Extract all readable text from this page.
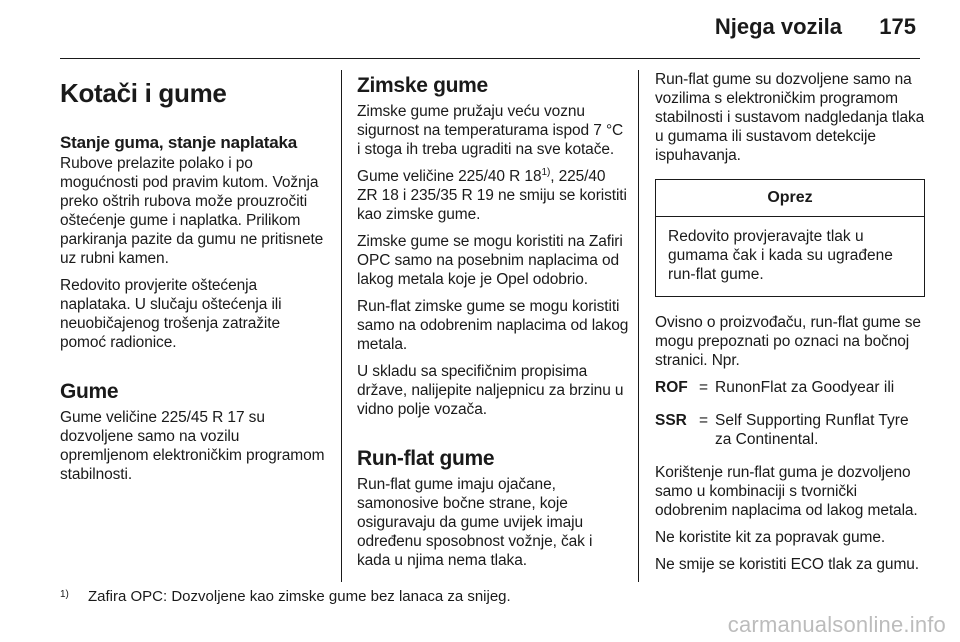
Njega vozila 175
Kotači i gume
Stanje guma, stanje naplataka

Rubove prelazite polako i po mogućnosti pod pravim kutom. Vožnja preko oštrih rubova može prouzročiti oštećenje gume i naplatka. Prilikom parkiranja pazite da gumu ne pritisnete uz rubni kamen.

Redovito provjerite oštećenja naplataka. U slučaju oštećenja ili neuobičajenog trošenja zatražite pomoć radionice.

Gume

Gume veličine 225/45 R 17 su dozvoljene samo na vozilu opremljenom elektroničkim programom stabilnosti.

Zimske gume

Zimske gume pružaju veću voznu sigurnost na temperaturama ispod 7 °C i stoga ih treba ugraditi na sve kotače.

Gume veličine 225/40 R 18$^{1)}$, 225/40 ZR 18 i 235/35 R 19 ne smiju se koristiti kao zimske gume.

Zimske gume se mogu koristiti na Zafiri OPC samo na posebnim naplacima od lakog metala koje je Opel odobrio.

Run-flat zimske gume se mogu koristiti samo na odobrenim naplacima od lakog metala.

U skladu sa specifičnim propisima države, nalijepite naljepnicu za brzinu u vidno polje vozača.

Run-flat gume

Run-flat gume imaju ojačane, samonosive bočne strane, koje osiguravaju da gume uvijek imaju određenu sposobnost vožnje, čak i kada u njima nema tlaka.

Run-flat gume su dozvoljene samo na vozilima s elektroničkim programom stabilnosti i sustavom nadgledanja tlaka u gumama ili sustavom detekcije ispuhavanja.

Oprez
Redovito provjeravajte tlak u gumama čak i kada su ugrađene run-flat gume.

Ovisno o proizvođaču, run-flat gume se mogu prepoznati po oznaci na bočnoj stranici. Npr.

ROF = RunonFlat za Goodyear ili
SSR = Self Supporting Runflat Tyre za Continental.

Korištenje run-flat guma je dozvoljeno samo u kombinaciji s tvornički odobrenim naplacima od lakog metala.

Ne koristite kit za popravak gume.

Ne smije se koristiti ECO tlak za gumu.

1)	Zafira OPC: Dozvoljene kao zimske gume bez lanaca za snijeg.
carmanualsonline.info
